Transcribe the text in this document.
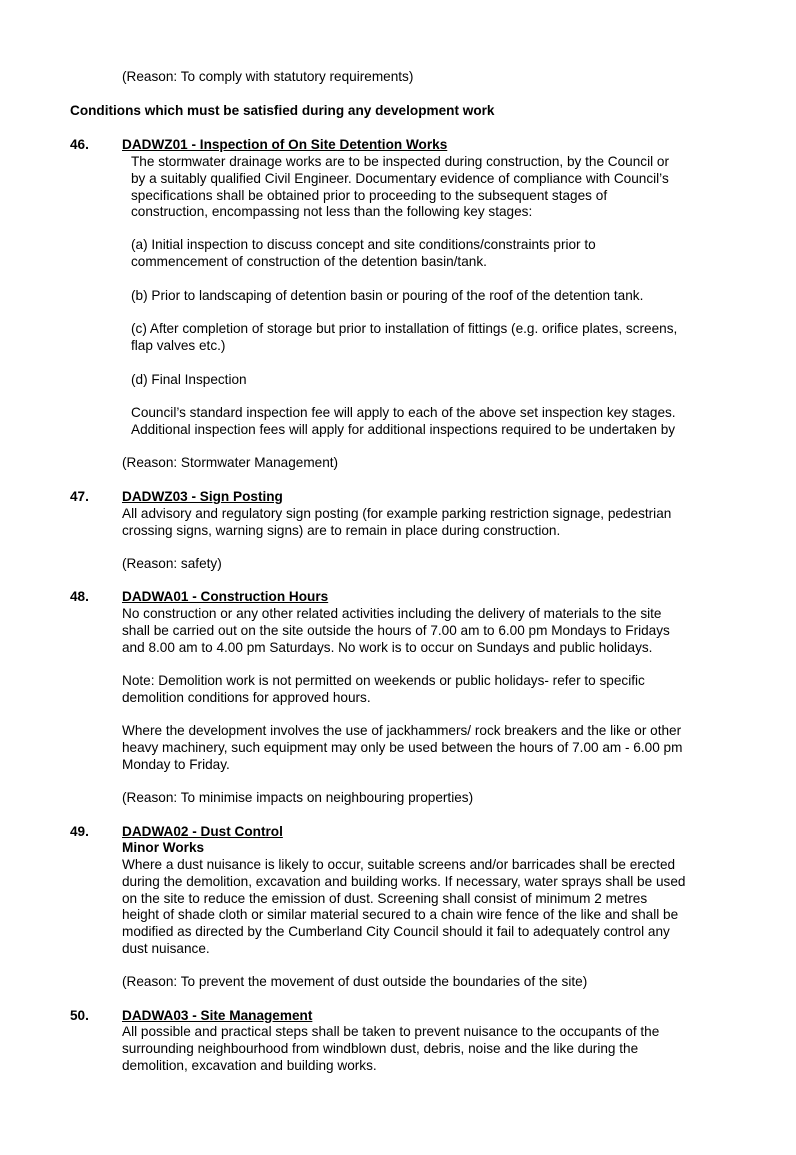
(Reason: To comply with statutory requirements)

Conditions which must be satisfied during any development work

46. DADWZ01 - Inspection of On Site Detention Works

The stormwater drainage works are to be inspected during construction, by the Council or
by a suitably qualified Civil Engineer. Documentary evidence of compliance with Council’s
specifications shall be obtained prior to proceeding to the subsequent stages of
construction, encompassing not less than the following key stages:

(a) Initial inspection to discuss concept and site conditions/constraints prior to
commencement of construction of the detention basin/tank.

(b) Prior to landscaping of detention basin or pouring of the roof of the detention tank.

(c) After completion of storage but prior to installation of fittings (e.g. orifice plates, screens,
flap valves etc.)

(d) Final Inspection

Council’s standard inspection fee will apply to each of the above set inspection key stages.
Additional inspection fees will apply for additional inspections required to be undertaken by

(Reason: Stormwater Management)

47. DADWZ03 - Sign Posting

All advisory and regulatory sign posting (for example parking restriction signage, pedestrian
crossing signs, warning signs) are to remain in place during construction.

(Reason: safety)

48. DADWA01 - Construction Hours

No construction or any other related activities including the delivery of materials to the site
shall be carried out on the site outside the hours of 7.00 am to 6.00 pm Mondays to Fridays
and 8.00 am to 4.00 pm Saturdays. No work is to occur on Sundays and public holidays.

Note: Demolition work is not permitted on weekends or public holidays- refer to specific
demolition conditions for approved hours.

Where the development involves the use of jackhammers/ rock breakers and the like or other
heavy machinery, such equipment may only be used between the hours of 7.00 am - 6.00 pm
Monday to Friday.

(Reason: To minimise impacts on neighbouring properties)

49. DADWA02 - Dust Control
Minor Works

Where a dust nuisance is likely to occur, suitable screens and/or barricades shall be erected
during the demolition, excavation and building works. If necessary, water sprays shall be used
on the site to reduce the emission of dust. Screening shall consist of minimum 2 metres
height of shade cloth or similar material secured to a chain wire fence of the like and shall be
modified as directed by the Cumberland City Council should it fail to adequately control any
dust nuisance.

(Reason: To prevent the movement of dust outside the boundaries of the site)

50. DADWA03 - Site Management

All possible and practical steps shall be taken to prevent nuisance to the occupants of the
surrounding neighbourhood from windblown dust, debris, noise and the like during the
demolition, excavation and building works.
